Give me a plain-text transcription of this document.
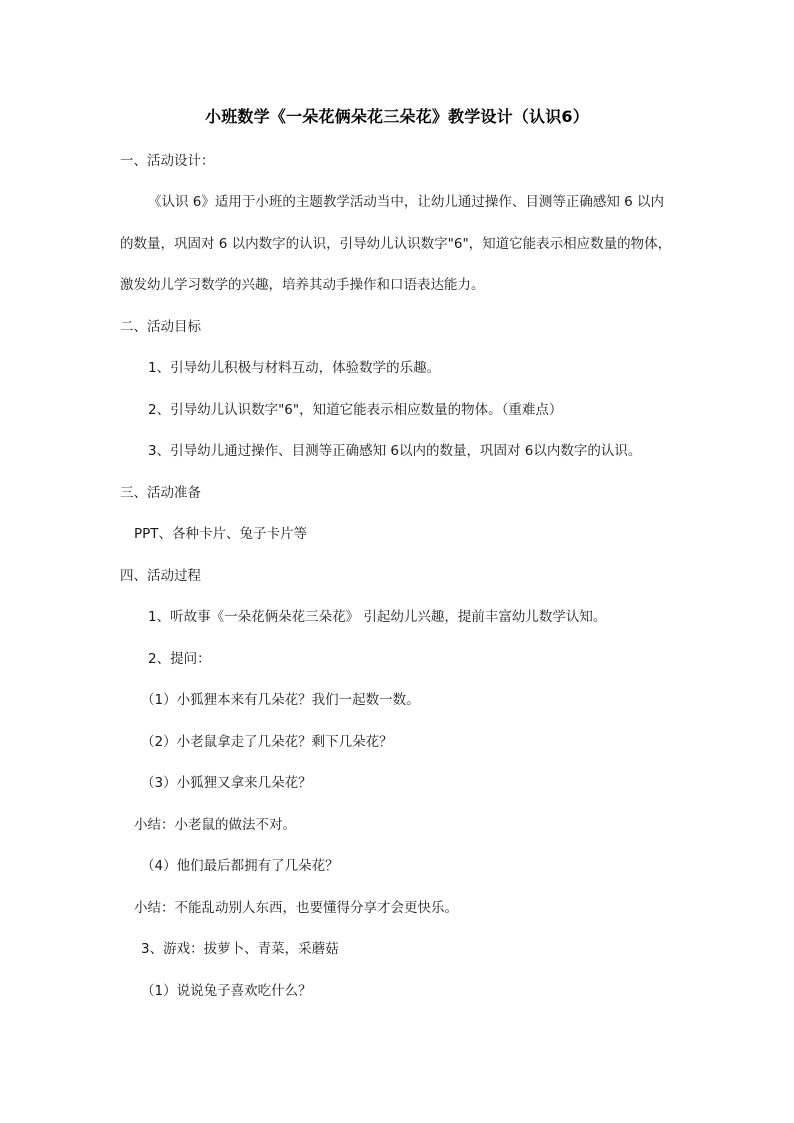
小班数学《一朵花俩朵花三朵花》教学设计（认识6）
一、活动设计：
《认识 6》适用于小班的主题教学活动当中，让幼儿通过操作、目测等正确感知 6 以内
的数量，巩固对 6 以内数字的认识，引导幼儿认识数字"6"，知道它能表示相应数量的物体，
激发幼儿学习数学的兴趣，培养其动手操作和口语表达能力。
二、活动目标
1、引导幼儿积极与材料互动，体验数学的乐趣。
2、引导幼儿认识数字"6"，知道它能表示相应数量的物体。（重难点）
3、引导幼儿通过操作、目测等正确感知 6以内的数量，巩固对 6以内数字的认识。
三、活动准备
PPT、各种卡片、兔子卡片等
四、活动过程
1、听故事《一朵花俩朵花三朵花》 引起幼儿兴趣，提前丰富幼儿数学认知。
2、提问：
（1）小狐狸本来有几朵花？我们一起数一数。
（2）小老鼠拿走了几朵花？剩下几朵花？
（3）小狐狸又拿来几朵花？
小结：小老鼠的做法不对。
（4）他们最后都拥有了几朵花？
小结：不能乱动别人东西，也要懂得分享才会更快乐。
3、游戏：拔萝卜、青菜，采蘑菇
（1）说说兔子喜欢吃什么？
